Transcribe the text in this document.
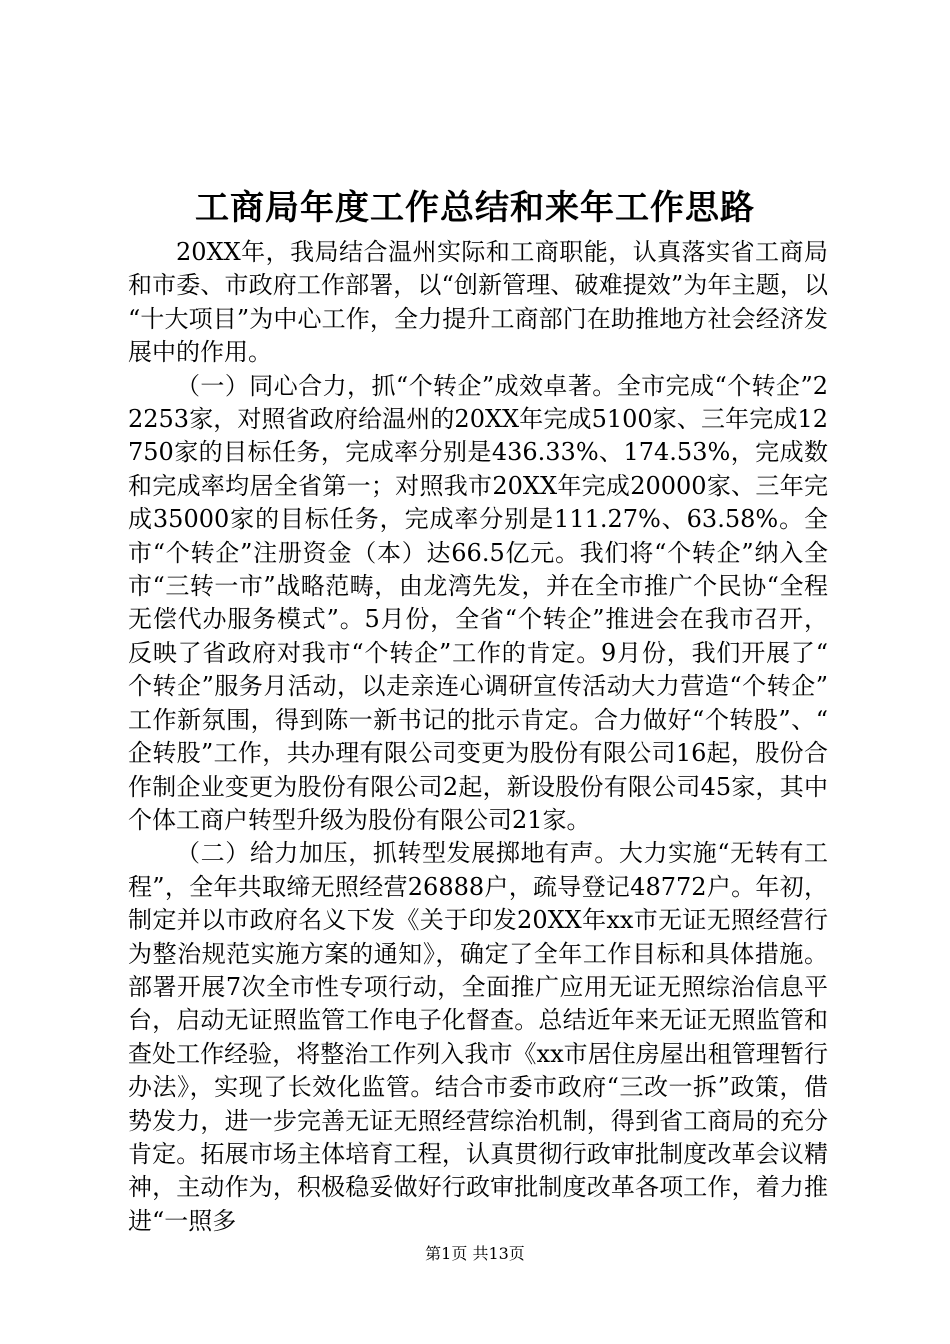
工商局年度工作总结和来年工作思路

20XX年，我局结合温州实际和工商职能，认真落实省工商局和市委、市政府工作部署，以“创新管理、破难提效”为年主题，以“十大项目”为中心工作，全力提升工商部门在助推地方社会经济发展中的作用。

（一）同心合力，抓“个转企”成效卓著。全市完成“个转企”22253家，对照省政府给温州的20XX年完成5100家、三年完成12750家的目标任务，完成率分别是436.33%、174.53%，完成数和完成率均居全省第一；对照我市20XX年完成20000家、三年完成35000家的目标任务，完成率分别是111.27%、63.58%。全市“个转企”注册资金（本）达66.5亿元。我们将“个转企”纳入全市“三转一市”战略范畴，由龙湾先发，并在全市推广个民协“全程无偿代办服务模式”。5月份，全省“个转企”推进会在我市召开，反映了省政府对我市“个转企”工作的肯定。9月份，我们开展了“个转企”服务月活动，以走亲连心调研宣传活动大力营造“个转企”工作新氛围，得到陈一新书记的批示肯定。合力做好“个转股”、“企转股”工作，共办理有限公司变更为股份有限公司16起，股份合作制企业变更为股份有限公司2起，新设股份有限公司45家，其中个体工商户转型升级为股份有限公司21家。

（二）给力加压，抓转型发展掷地有声。大力实施“无转有工程”，全年共取缔无照经营26888户，疏导登记48772户。年初，制定并以市政府名义下发《关于印发20XX年xx市无证无照经营行为整治规范实施方案的通知》，确定了全年工作目标和具体措施。部署开展7次全市性专项行动，全面推广应用无证无照综治信息平台，启动无证照监管工作电子化督查。总结近年来无证无照监管和查处工作经验，将整治工作列入我市《xx市居住房屋出租管理暂行办法》，实现了长效化监管。结合市委市政府“三改一拆”政策，借势发力，进一步完善无证无照经营综治机制，得到省工商局的充分肯定。拓展市场主体培育工程，认真贯彻行政审批制度改革会议精神，主动作为，积极稳妥做好行政审批制度改革各项工作，着力推进“一照多

第1页 共13页
